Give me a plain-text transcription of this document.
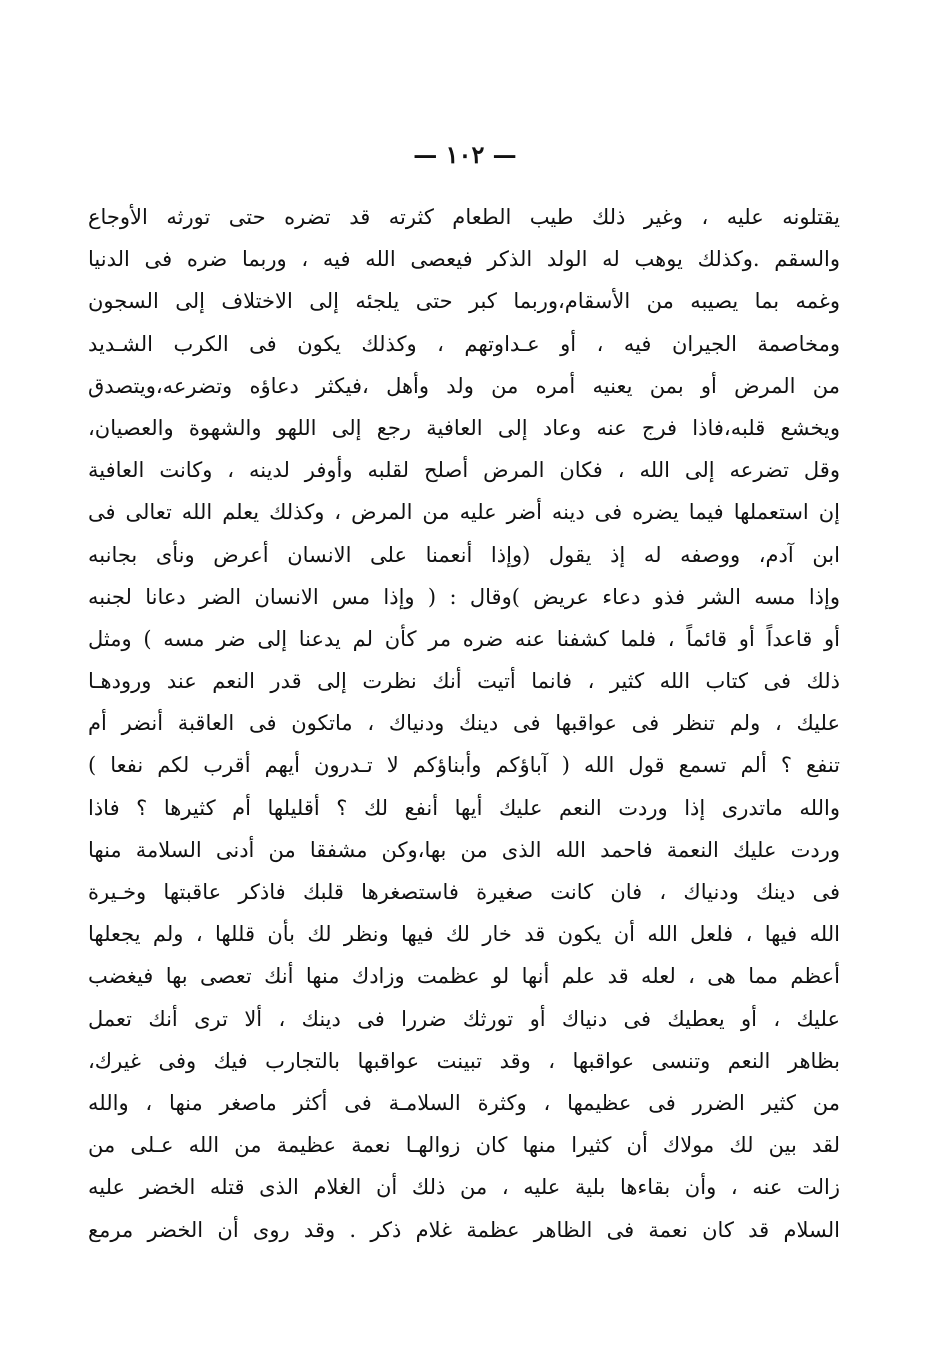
— ١٠٢ —
يقتلونه عليه ، وغير ذلك طيب الطعام كثرته قد تضره حتى تورثه الأوجاع
والسقم .وكذلك يوهب له الولد الذكر فيعصى الله فيه ، وربما ضره فى الدنيا
وغمه بما يصيبه من الأسقام،وربما كبر حتى يلجئه إلى الاختلاف إلى السجون
ومخاصمة الجيران فيه ، أو عـداوتهم ، وكذلك يكون فى الكرب الشـديد
من المرض أو بمن يعنيه أمره من ولد وأهل ،فيكثر دعاؤه وتضرعه،ويتصدق
ويخشع قلبه،فاذا فرج عنه وعاد إلى العافية رجع إلى اللهو والشهوة والعصيان،
وقل تضرعه إلى الله ، فكان المرض أصلح لقلبه وأوفر لدينه ، وكانت العافية
إن استعملها فيما يضره فى دينه أضر عليه من المرض ، وكذلك يعلم الله تعالى فى
ابن آدم، ووصفه له إذ يقول (وإذا أنعمنا على الانسان أعرض ونأى بجانبه
وإذا مسه الشر فذو دعاء عريض )وقال : ( وإذا مس الانسان الضر دعانا لجنبه
أو قاعداً أو قائماً ، فلما كشفنا عنه ضره مر كأن لم يدعنا إلى ضر مسه ) ومثل
ذلك فى كتاب الله كثير ، فانما أتيت أنك نظرت إلى قدر النعم عند ورودهـا
عليك ، ولم تنظر فى عواقبها فى دينك ودنياك ، ماتكون فى العاقبة أنضر أم
تنفع ؟ ألم تسمع قول الله ( آباؤكم وأبناؤكم لا تـدرون أيهم أقرب لكم نفعا )
والله ماتدرى إذا وردت النعم عليك أيها أنفع لك ؟ أقليلها أم كثيرها ؟ فاذا
وردت عليك النعمة فاحمد الله الذى من بها،وكن مشفقا من أدنى السلامة منها
فى دينك ودنياك ، فان كانت صغيرة فاستصغرها قلبك فاذكر عاقبتها وخـيرة
الله فيها ، فلعل الله أن يكون قد خار لك فيها ونظر لك بأن قللها ، ولم يجعلها
أعظم مما هى ، لعله قد علم أنها لو عظمت وزادك منها أنك تعصى بها فيغضب
عليك ، أو يعطيك فى دنياك أو تورثك ضررا فى دينك ، ألا ترى أنك تعمل
بظاهر النعم وتنسى عواقبها ، وقد تبينت عواقبها بالتجارب فيك وفى غيرك،
من كثير الضرر فى عظيمها ، وكثرة السلامـة فى أكثر ماصغر منها ، والله
لقد بين لك مولاك أن كثيرا منها كان زوالهـا نعمة عظيمة من الله عـلى من
زالت عنه ، وأن بقاءها بلية عليه ، من ذلك أن الغلام الذى قتله الخضر عليه
السلام قد كان نعمة فى الظاهر عظمة غلام ذكر . وقد روى أن الخضر مرمع
